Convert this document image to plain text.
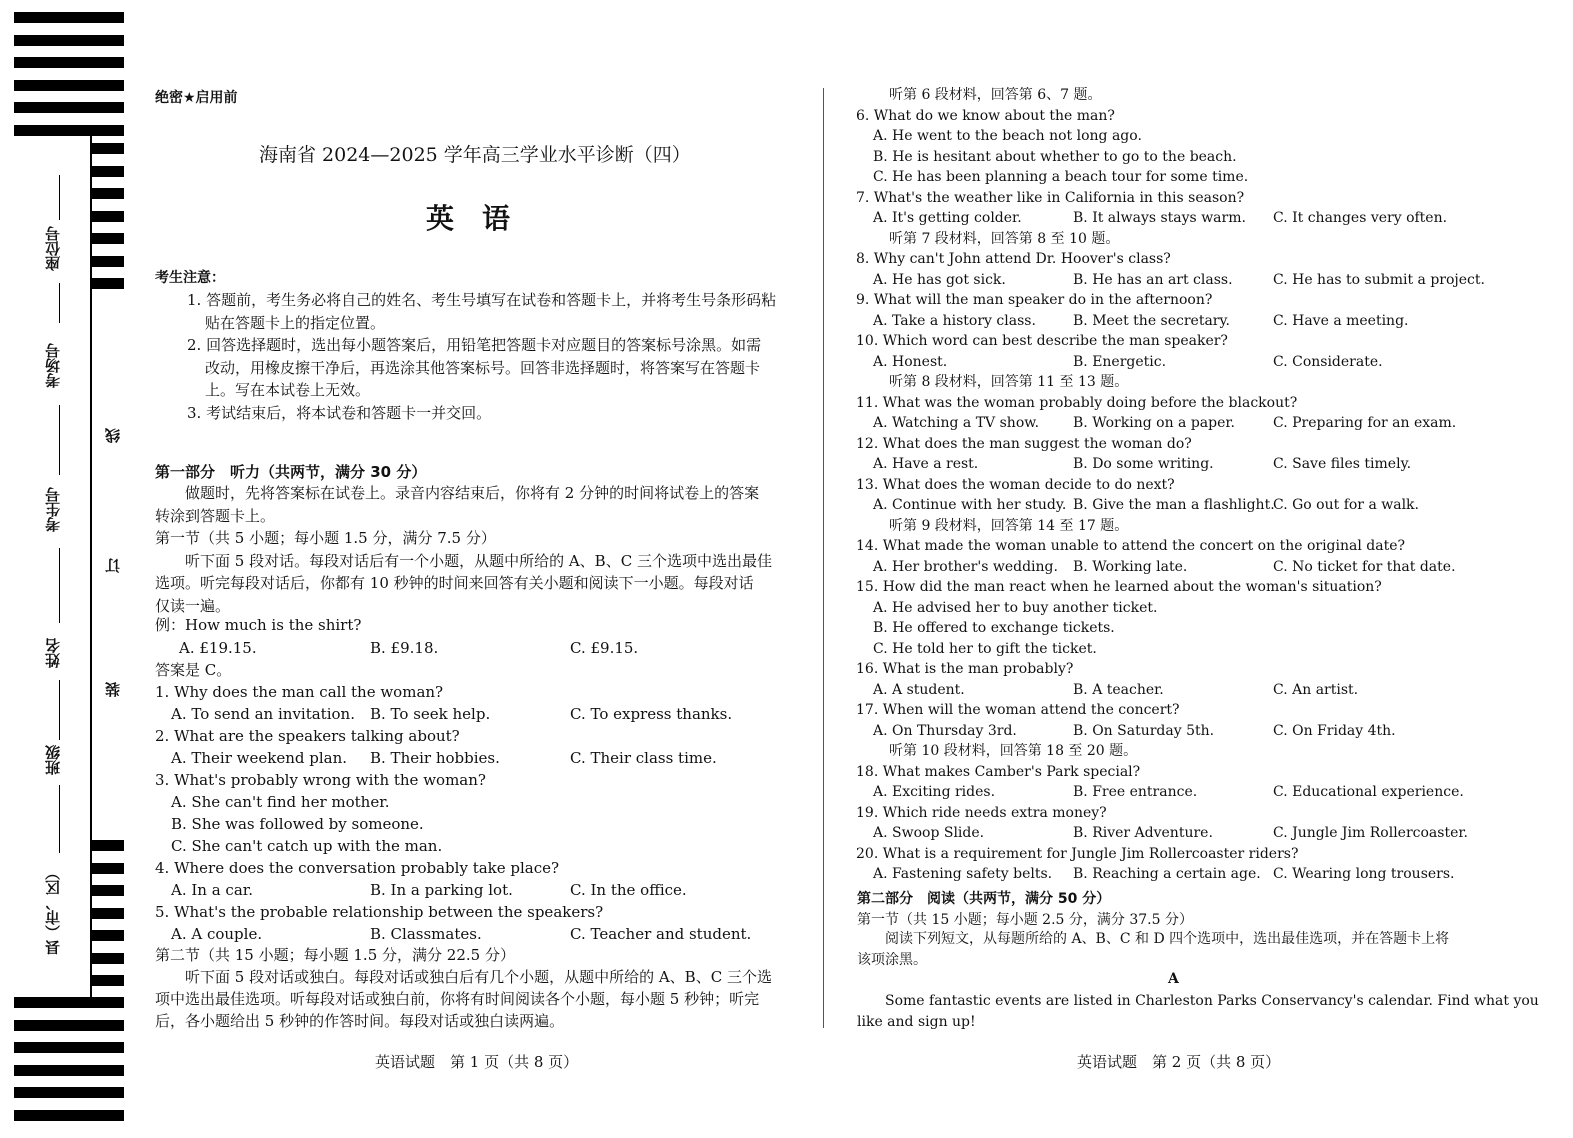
座位号
考场号
考生号
姓名
班级
县（市、区）
线
订
装
绝密★启用前
海南省 2024—2025 学年高三学业水平诊断（四）
英　语
考生注意：
1. 答题前，考生务必将自己的姓名、考生号填写在试卷和答题卡上，并将考生号条形码粘
贴在答题卡上的指定位置。
2. 回答选择题时，选出每小题答案后，用铅笔把答题卡对应题目的答案标号涂黑。如需
改动，用橡皮擦干净后，再选涂其他答案标号。回答非选择题时，将答案写在答题卡
上。写在本试卷上无效。
3. 考试结束后，将本试卷和答题卡一并交回。
第一部分　听力（共两节，满分 30 分）
　　做题时，先将答案标在试卷上。录音内容结束后，你将有 2 分钟的时间将试卷上的答案
转涂到答题卡上。
第一节（共 5 小题；每小题 1.5 分，满分 7.5 分）
　　听下面 5 段对话。每段对话后有一个小题，从题中所给的 A、B、C 三个选项中选出最佳
选项。听完每段对话后，你都有 10 秒钟的时间来回答有关小题和阅读下一小题。每段对话
仅读一遍。
例：How much is the shirt?
A. £19.15.	B. £9.18.	C. £9.15.
答案是 C。
1. Why does the man call the woman?
A. To send an invitation. B. To seek help.	C. To express thanks.
2. What are the speakers talking about?
A. Their weekend plan. B. Their hobbies.	C. Their class time.
3. What's probably wrong with the woman?
A. She can't find her mother.
B. She was followed by someone.
C. She can't catch up with the man.
4. Where does the conversation probably take place?
A. In a car.	B. In a parking lot.	C. In the office.
5. What's the probable relationship between the speakers?
A. A couple.	B. Classmates.	C. Teacher and student.
第二节（共 15 小题；每小题 1.5 分，满分 22.5 分）
　　听下面 5 段对话或独白。每段对话或独白后有几个小题，从题中所给的 A、B、C 三个选
项中选出最佳选项。听每段对话或独白前，你将有时间阅读各个小题，每小题 5 秒钟；听完
后，各小题给出 5 秒钟的作答时间。每段对话或独白读两遍。
英语试题　第 1 页（共 8 页）
听第 6 段材料，回答第 6、7 题。
6. What do we know about the man?
A. He went to the beach not long ago.
B. He is hesitant about whether to go to the beach.
C. He has been planning a beach tour for some time.
7. What's the weather like in California in this season?
A. It's getting colder.	B. It always stays warm. C. It changes very often.
听第 7 段材料，回答第 8 至 10 题。
8. Why can't John attend Dr. Hoover's class?
A. He has got sick.	B. He has an art class.	C. He has to submit a project.
9. What will the man speaker do in the afternoon?
A. Take a history class.	B. Meet the secretary.	C. Have a meeting.
10. Which word can best describe the man speaker?
A. Honest.	B. Energetic.	C. Considerate.
听第 8 段材料，回答第 11 至 13 题。
11. What was the woman probably doing before the blackout?
A. Watching a TV show. B. Working on a paper.	C. Preparing for an exam.
12. What does the man suggest the woman do?
A. Have a rest.	B. Do some writing.	C. Save files timely.
13. What does the woman decide to do next?
A. Continue with her study. B. Give the man a flashlight.
C. Go out for a walk.
听第 9 段材料，回答第 14 至 17 题。
14. What made the woman unable to attend the concert on the original date?
A. Her brother's wedding. B. Working late.	C. No ticket for that date.
15. How did the man react when he learned about the woman's situation?
A. He advised her to buy another ticket.
B. He offered to exchange tickets.
C. He told her to gift the ticket.
16. What is the man probably?
A. A student.	B. A teacher.	C. An artist.
17. When will the woman attend the concert?
A. On Thursday 3rd.	B. On Saturday 5th.	C. On Friday 4th.
听第 10 段材料，回答第 18 至 20 题。
18. What makes Camber's Park special?
A. Exciting rides.	B. Free entrance.	C. Educational experience.
19. Which ride needs extra money?
A. Swoop Slide.	B. River Adventure.	C. Jungle Jim Rollercoaster.
20. What is a requirement for Jungle Jim Rollercoaster riders?
A. Fastening safety belts. B. Reaching a certain age. C. Wearing long trousers.
第二部分　阅读（共两节，满分 50 分）
第一节（共 15 小题；每小题 2.5 分，满分 37.5 分）
　　阅读下列短文，从每题所给的 A、B、C 和 D 四个选项中，选出最佳选项，并在答题卡上将
该项涂黑。
A
　　Some fantastic events are listed in Charleston Parks Conservancy's calendar. Find what you
like and sign up!
英语试题　第 2 页（共 8 页）
